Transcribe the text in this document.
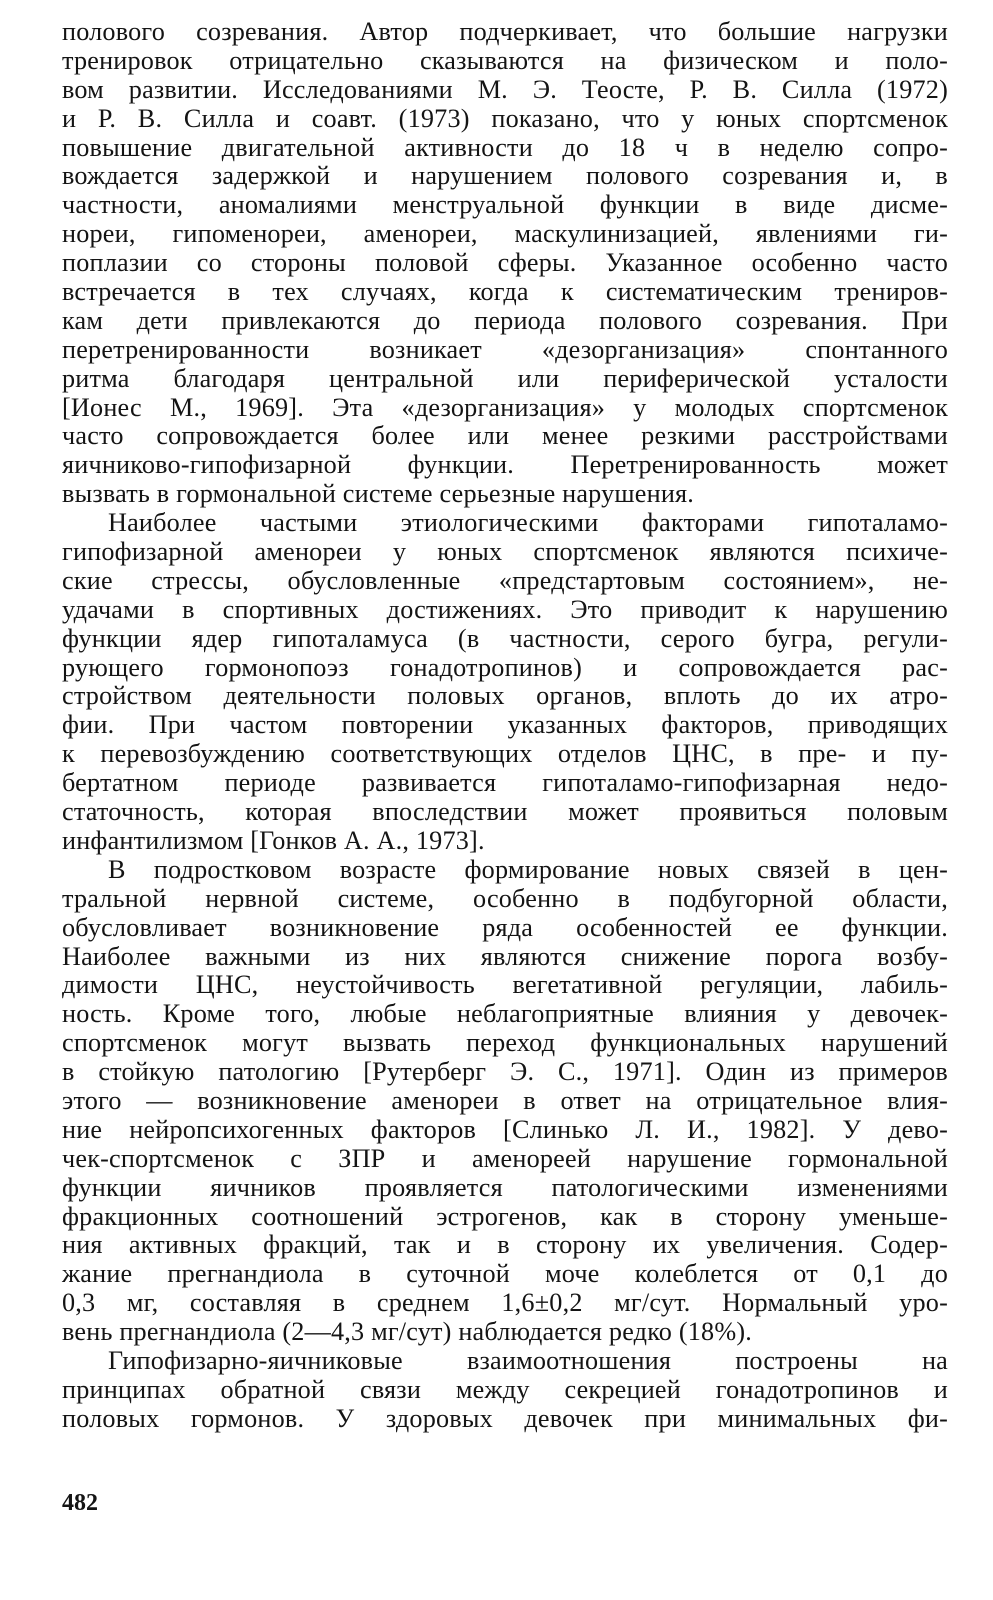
полового созревания. Автор подчеркивает, что большие нагрузки
тренировок отрицательно сказываются на физическом и поло-
вом развитии. Исследованиями М. Э. Теосте, Р. В. Силла (1972)
и Р. В. Силла и соавт. (1973) показано, что у юных спортсменок
повышение двигательной активности до 18 ч в неделю сопро-
вождается задержкой и нарушением полового созревания и, в
частности, аномалиями менструальной функции в виде дисме-
нореи, гипоменореи, аменореи, маскулинизацией, явлениями ги-
поплазии со стороны половой сферы. Указанное особенно часто
встречается в тех случаях, когда к систематическим трениров-
кам дети привлекаются до периода полового созревания. При
перетренированности возникает «дезорганизация» спонтанного
ритма благодаря центральной или периферической усталости
[Ионес М., 1969]. Эта «дезорганизация» у молодых спортсменок
часто сопровождается более или менее резкими расстройствами
яичниково-гипофизарной функции. Перетренированность может
вызвать в гормональной системе серьезные нарушения.
Наиболее частыми этиологическими факторами гипоталамо-
гипофизарной аменореи у юных спортсменок являются психиче-
ские стрессы, обусловленные «предстартовым состоянием», не-
удачами в спортивных достижениях. Это приводит к нарушению
функции ядер гипоталамуса (в частности, серого бугра, регули-
рующего гормонопоэз гонадотропинов) и сопровождается рас-
стройством деятельности половых органов, вплоть до их атро-
фии. При частом повторении указанных факторов, приводящих
к перевозбуждению соответствующих отделов ЦНС, в пре- и пу-
бертатном периоде развивается гипоталамо-гипофизарная недо-
статочность, которая впоследствии может проявиться половым
инфантилизмом [Гонков А. А., 1973].
В подростковом возрасте формирование новых связей в цен-
тральной нервной системе, особенно в подбугорной области,
обусловливает возникновение ряда особенностей ее функции.
Наиболее важными из них являются снижение порога возбу-
димости ЦНС, неустойчивость вегетативной регуляции, лабиль-
ность. Кроме того, любые неблагоприятные влияния у девочек-
спортсменок могут вызвать переход функциональных нарушений
в стойкую патологию [Рутерберг Э. С., 1971]. Один из примеров
этого — возникновение аменореи в ответ на отрицательное влия-
ние нейропсихогенных факторов [Слинько Л. И., 1982]. У дево-
чек-спортсменок с ЗПР и аменореей нарушение гормональной
функции яичников проявляется патологическими изменениями
фракционных соотношений эстрогенов, как в сторону уменьше-
ния активных фракций, так и в сторону их увеличения. Содер-
жание прегнандиола в суточной моче колеблется от 0,1 до
0,3 мг, составляя в среднем 1,6±0,2 мг/сут. Нормальный уро-
вень прегнандиола (2—4,3 мг/сут) наблюдается редко (18%).
Гипофизарно-яичниковые взаимоотношения построены на
принципах обратной связи между секрецией гонадотропинов и
половых гормонов. У здоровых девочек при минимальных фи-
482
